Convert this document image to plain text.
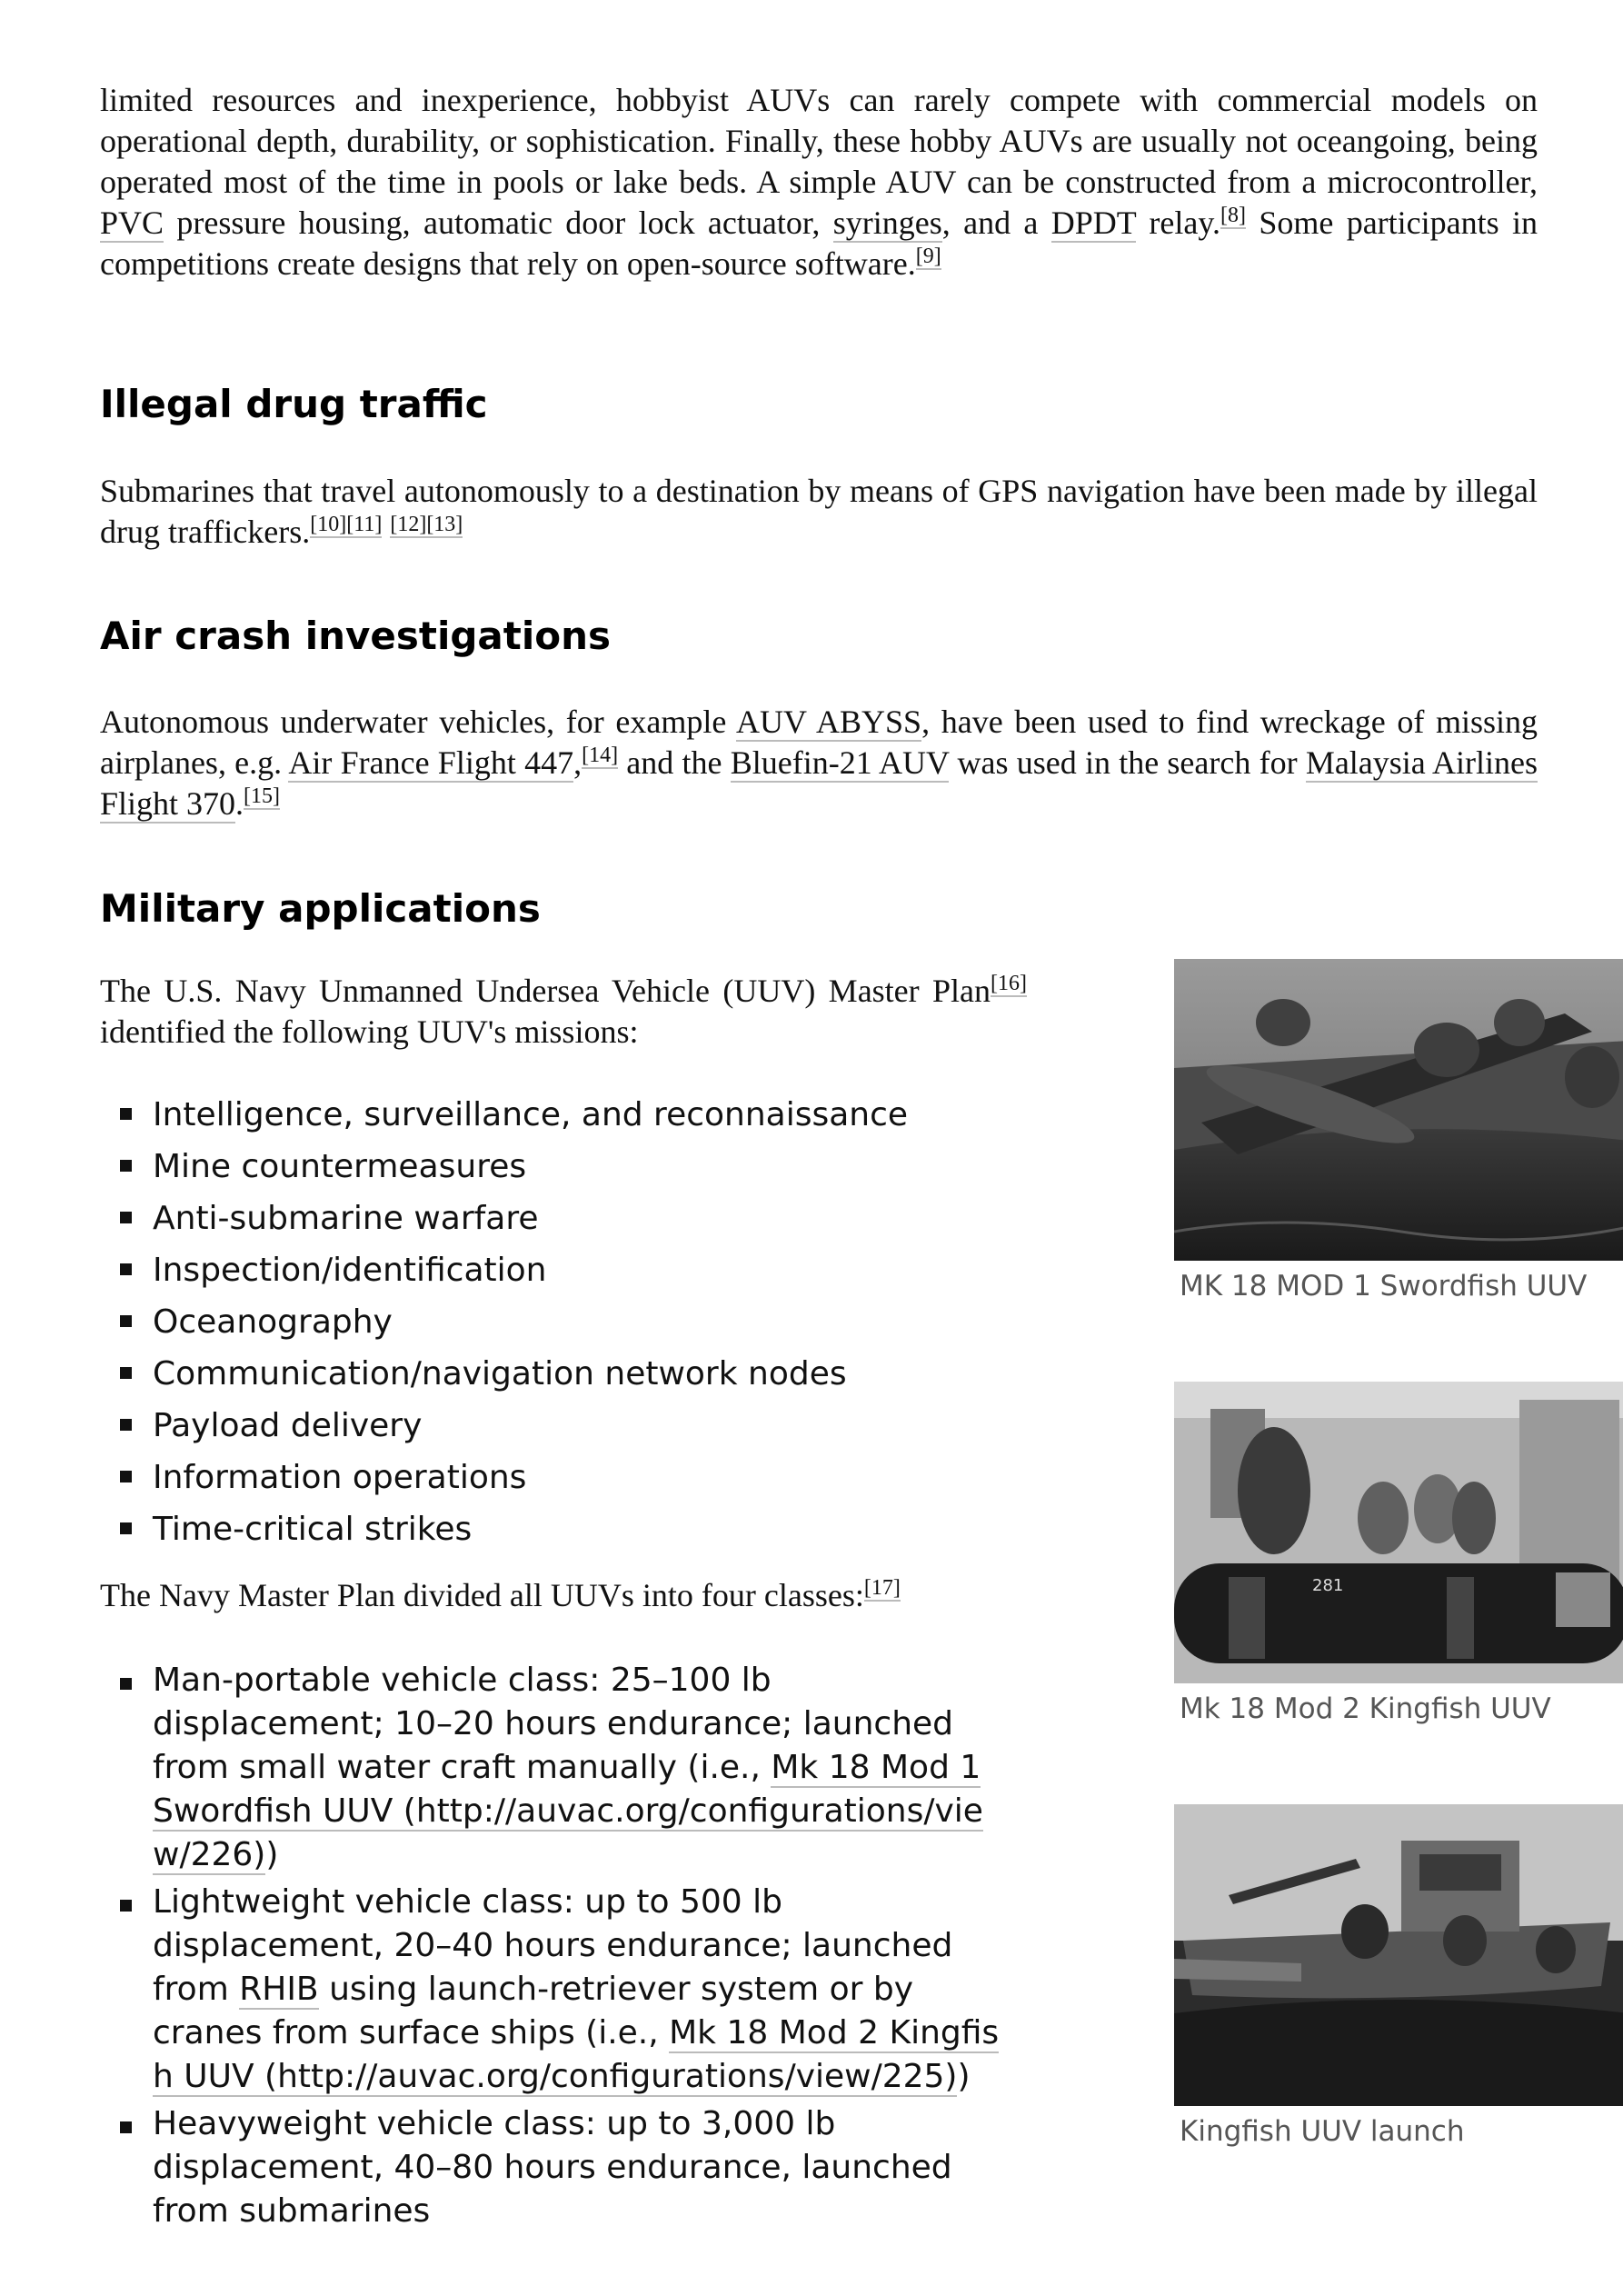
limited resources and inexperience, hobbyist AUVs can rarely compete with commercial models on operational depth, durability, or sophistication. Finally, these hobby AUVs are usually not oceangoing, being operated most of the time in pools or lake beds. A simple AUV can be constructed from a microcontroller, PVC pressure housing, automatic door lock actuator, syringes, and a DPDT relay.[8] Some participants in competitions create designs that rely on open-source software.[9]

Illegal drug traffic

Submarines that travel autonomously to a destination by means of GPS navigation have been made by illegal drug traffickers.[10][11] [12][13]

Air crash investigations

Autonomous underwater vehicles, for example AUV ABYSS, have been used to find wreckage of missing airplanes, e.g. Air France Flight 447,[14] and the Bluefin-21 AUV was used in the search for Malaysia Airlines Flight 370.[15]

Military applications

The U.S. Navy Unmanned Undersea Vehicle (UUV) Master Plan[16] identified the following UUV's missions:

Intelligence, surveillance, and reconnaissance
Mine countermeasures
Anti-submarine warfare
Inspection/identification
Oceanography
Communication/navigation network nodes
Payload delivery
Information operations
Time-critical strikes

The Navy Master Plan divided all UUVs into four classes:[17]

Man-portable vehicle class: 25–100 lb displacement; 10–20 hours endurance; launched from small water craft manually (i.e., Mk 18 Mod 1 Swordfish UUV (http://auvac.org/configurations/view/226))
Lightweight vehicle class: up to 500 lb displacement, 20–40 hours endurance; launched from RHIB using launch-retriever system or by cranes from surface ships (i.e., Mk 18 Mod 2 Kingfish UUV (http://auvac.org/configurations/view/225))
Heavyweight vehicle class: up to 3,000 lb displacement, 40–80 hours endurance, launched from submarines
MK 18 MOD 1 Swordfish UUV
281
Mk 18 Mod 2 Kingfish UUV
Kingfish UUV launch
